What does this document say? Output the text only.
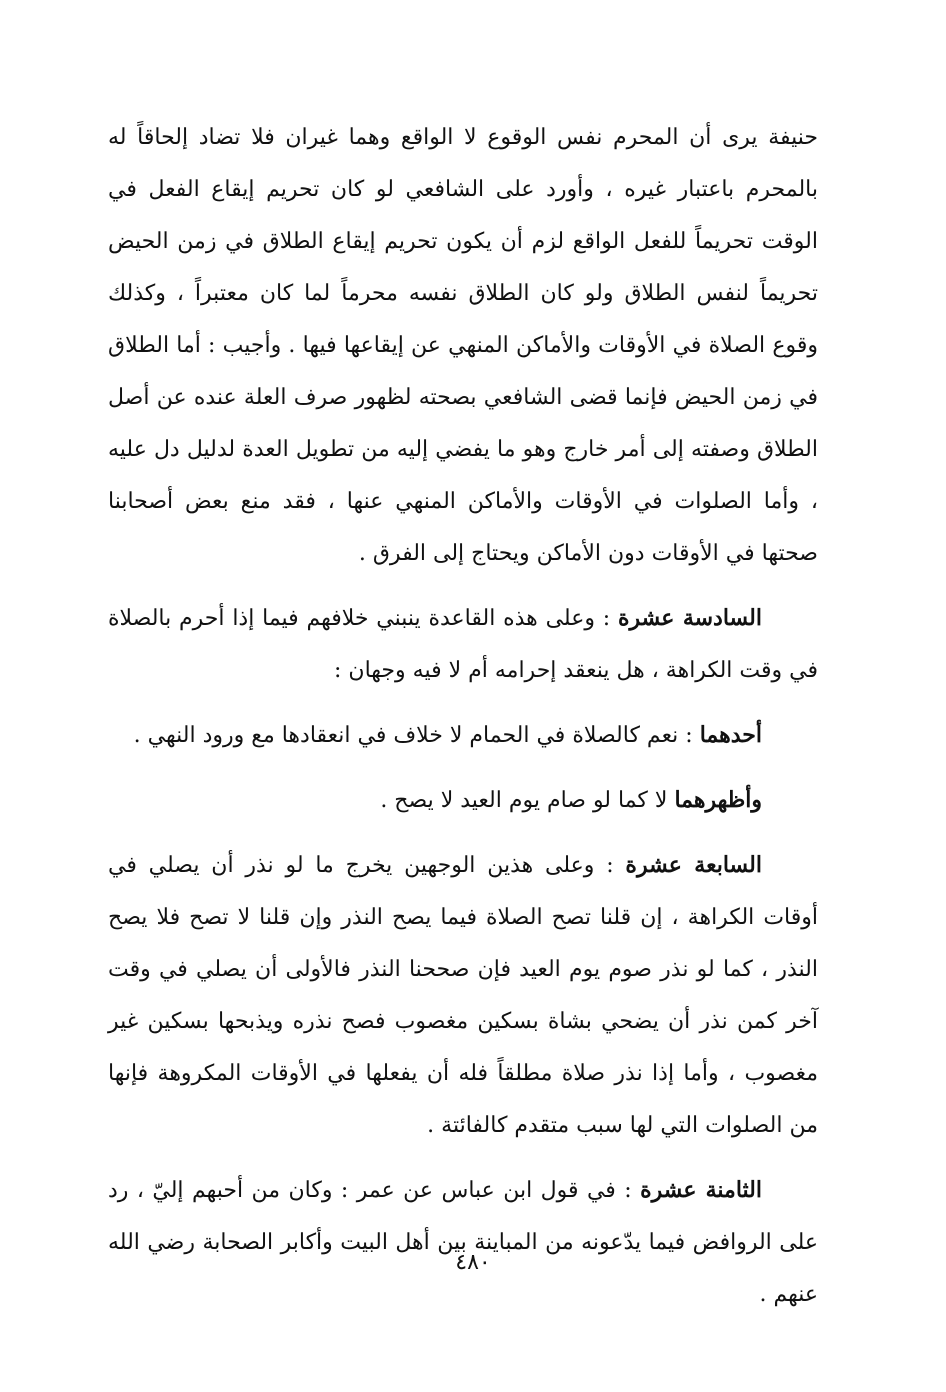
حنيفة يرى أن المحرم نفس الوقوع لا الواقع وهما غيران فلا تضاد إلحاقاً له بالمحرم باعتبار غيره ، وأورد على الشافعي لو كان تحريم إيقاع الفعل في الوقت تحريماً للفعل الواقع لزم أن يكون تحريم إيقاع الطلاق في زمن الحيض تحريماً لنفس الطلاق ولو كان الطلاق نفسه محرماً لما كان معتبراً ، وكذلك وقوع الصلاة في الأوقات والأماكن المنهي عن إيقاعها فيها . وأجيب : أما الطلاق في زمن الحيض فإنما قضى الشافعي بصحته لظهور صرف العلة عنده عن أصل الطلاق وصفته إلى أمر خارج وهو ما يفضي إليه من تطويل العدة لدليل دل عليه ، وأما الصلوات في الأوقات والأماكن المنهي عنها ، فقد منع بعض أصحابنا صحتها في الأوقات دون الأماكن ويحتاج إلى الفرق .

السادسة عشرة : وعلى هذه القاعدة ينبني خلافهم فيما إذا أحرم بالصلاة في وقت الكراهة ، هل ينعقد إحرامه أم لا فيه وجهان :

أحدهما : نعم كالصلاة في الحمام لا خلاف في انعقادها مع ورود النهي .

وأظهرهما لا كما لو صام يوم العيد لا يصح .

السابعة عشرة : وعلى هذين الوجهين يخرج ما لو نذر أن يصلي في أوقات الكراهة ، إن قلنا تصح الصلاة فيما يصح النذر وإن قلنا لا تصح فلا يصح النذر ، كما لو نذر صوم يوم العيد فإن صححنا النذر فالأولى أن يصلي في وقت آخر كمن نذر أن يضحي بشاة بسكين مغصوب فصح نذره ويذبحها بسكين غير مغصوب ، وأما إذا نذر صلاة مطلقاً فله أن يفعلها في الأوقات المكروهة فإنها من الصلوات التي لها سبب متقدم كالفائتة .

الثامنة عشرة : في قول ابن عباس عن عمر : وكان من أحبهم إليّ ، رد على الروافض فيما يدّعونه من المباينة بين أهل البيت وأكابر الصحابة رضي الله عنهم .

٤٨٠
